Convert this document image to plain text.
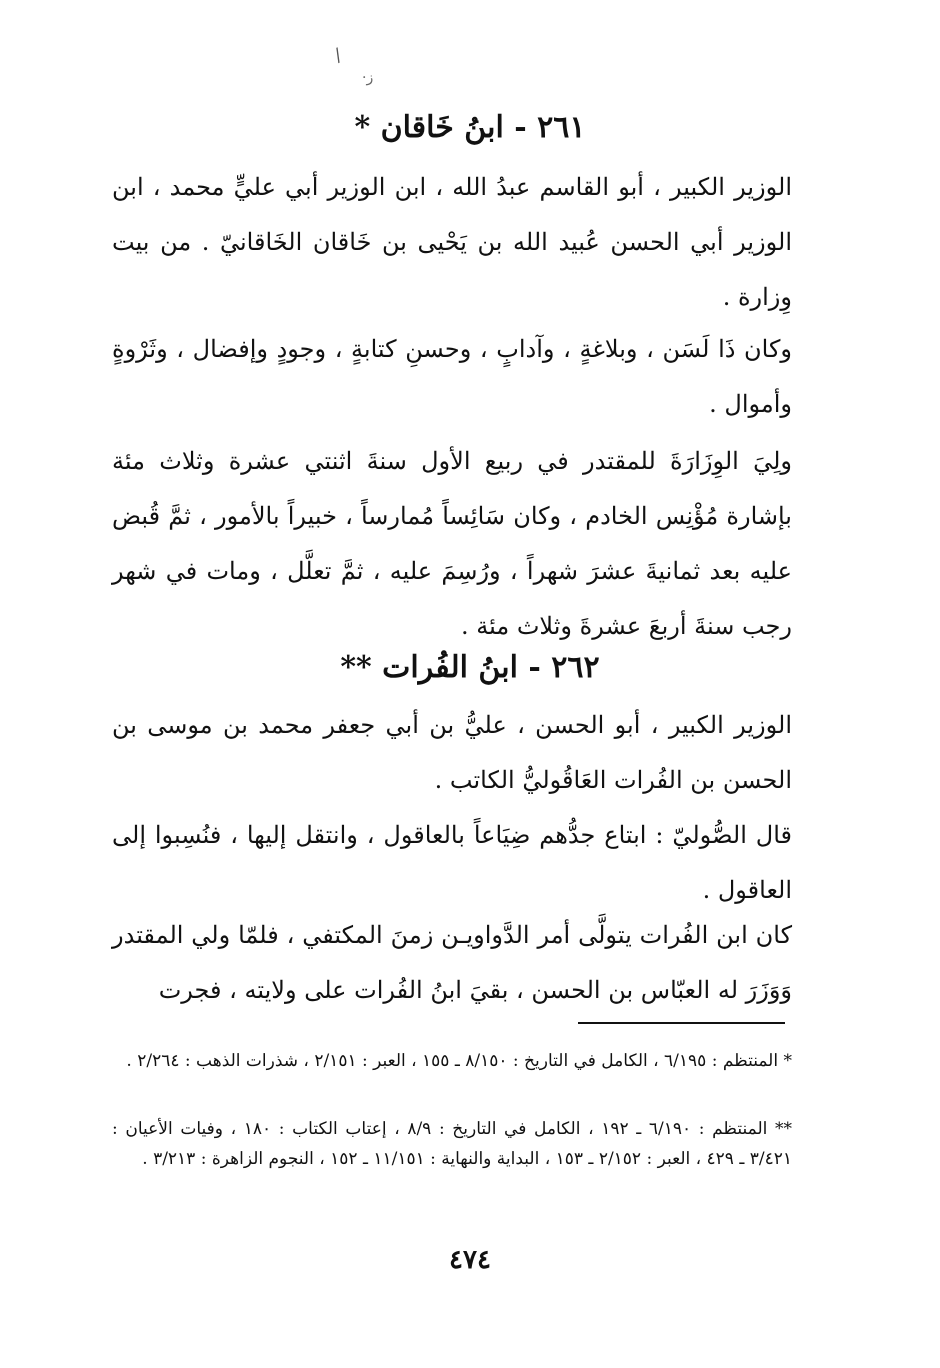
/
·ﺯ
٢٦١ - ابنُ خَاقان *
الوزير الكبير ، أبو القاسم عبدُ الله ، ابن الوزير أبي عليٍّ محمد ، ابن الوزير أبي الحسن عُبيد الله بن يَحْيى بن خَاقان الخَاقانيّ . من بيت وِزارة .
وكان ذَا لَسَن ، وبلاغةٍ ، وآدابٍ ، وحسنِ كتابةٍ ، وجودٍ وإفضال ، وثَرْوةٍ وأموال .
ولِيَ الوِزَارَةَ للمقتدر في ربيع الأول سنةَ اثنتي عشرة وثلاث مئة بإشارة مُؤْنِس الخادم ، وكان سَائِساً مُمارساً ، خبيراً بالأمور ، ثمَّ قُبض عليه بعد ثمانيةَ عشرَ شهراً ، ورُسِمَ عليه ، ثمَّ تعلَّل ، ومات في شهر رجب سنةَ أربعَ عشرةَ وثلاث مئة .
٢٦٢ - ابنُ الفُرات **
الوزير الكبير ، أبو الحسن ، عليُّ بن أبي جعفر محمد بن موسى بن الحسن بن الفُرات العَاقُوليُّ الكاتب .
قال الصُّوليّ : ابتاع جدُّهم ضِيَاعاً بالعاقول ، وانتقل إليها ، فنُسِبوا إلى العاقول .
كان ابن الفُرات يتولَّى أمر الدَّواويـن زمنَ المكتفي ، فلمّا ولي المقتدر وَوَزَرَ له العبّاس بن الحسن ، بقيَ ابنُ الفُرات على ولايته ، فجرت
* المنتظم : ٦/١٩٥ ، الكامل في التاريخ : ٨/١٥٠ ـ ١٥٥ ، العبر : ٢/١٥١ ، شذرات الذهب : ٢/٢٦٤ .
** المنتظم : ٦/١٩٠ ـ ١٩٢ ، الكامل في التاريخ : ٨/٩ ، إعتاب الكتاب : ١٨٠ ، وفيات الأعيان : ٣/٤٢١ ـ ٤٢٩ ، العبر : ٢/١٥٢ ـ ١٥٣ ، البداية والنهاية : ١١/١٥١ ـ ١٥٢ ، النجوم الزاهرة : ٣/٢١٣ .
٤٧٤
